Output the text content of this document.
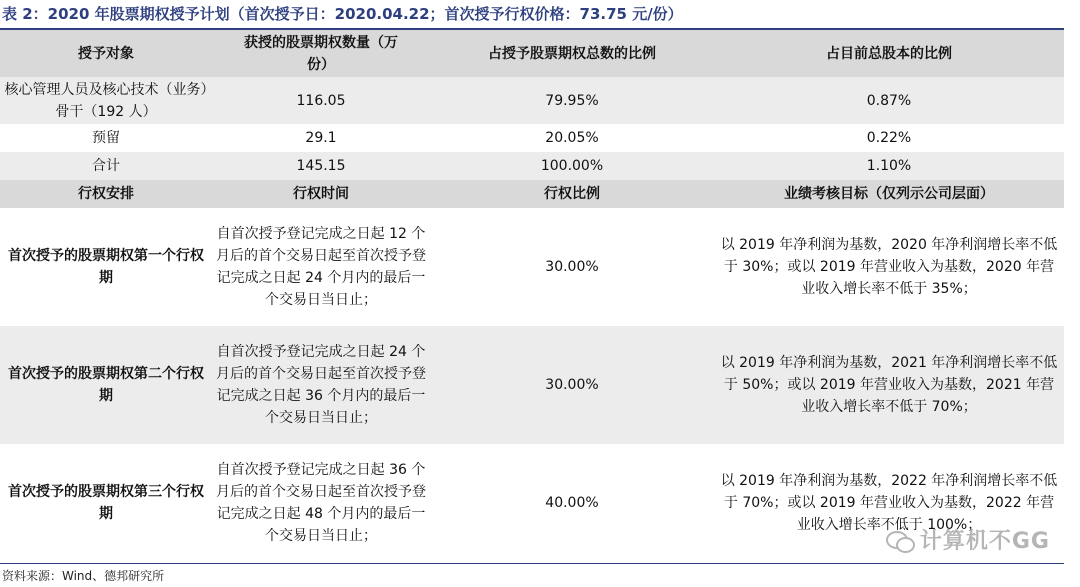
表 2：2020 年股票期权授予计划（首次授予日：2020.04.22；首次授予行权价格：73.75 元/份）
授予对象	获授的股票期权数量（万份）	占授予股票期权总数的比例	占目前总股本的比例
核心管理人员及核心技术（业务）骨干（192 人）	116.05	79.95%	0.87%
预留	29.1	20.05%	0.22%
合计	145.15	100.00%	1.10%
行权安排	行权时间	行权比例	业绩考核目标（仅列示公司层面）
首次授予的股票期权第一个行权期	自首次授予登记完成之日起 12 个月后的首个交易日起至首次授予登记完成之日起 24 个月内的最后一个交易日当日止；	30.00%	以 2019 年净利润为基数，2020 年净利润增长率不低于 30%；或以 2019 年营业收入为基数，2020 年营业收入增长率不低于 35%；
首次授予的股票期权第二个行权期	自首次授予登记完成之日起 24 个月后的首个交易日起至首次授予登记完成之日起 36 个月内的最后一个交易日当日止；	30.00%	以 2019 年净利润为基数，2021 年净利润增长率不低于 50%；或以 2019 年营业收入为基数，2021 年营业收入增长率不低于 70%；
首次授予的股票期权第三个行权期	自首次授予登记完成之日起 36 个月后的首个交易日起至首次授予登记完成之日起 48 个月内的最后一个交易日当日止；	40.00%	以 2019 年净利润为基数，2022 年净利润增长率不低于 70%；或以 2019 年营业收入为基数，2022 年营业收入增长率不低于 100%；
资料来源：Wind、德邦研究所
计算机不GG
